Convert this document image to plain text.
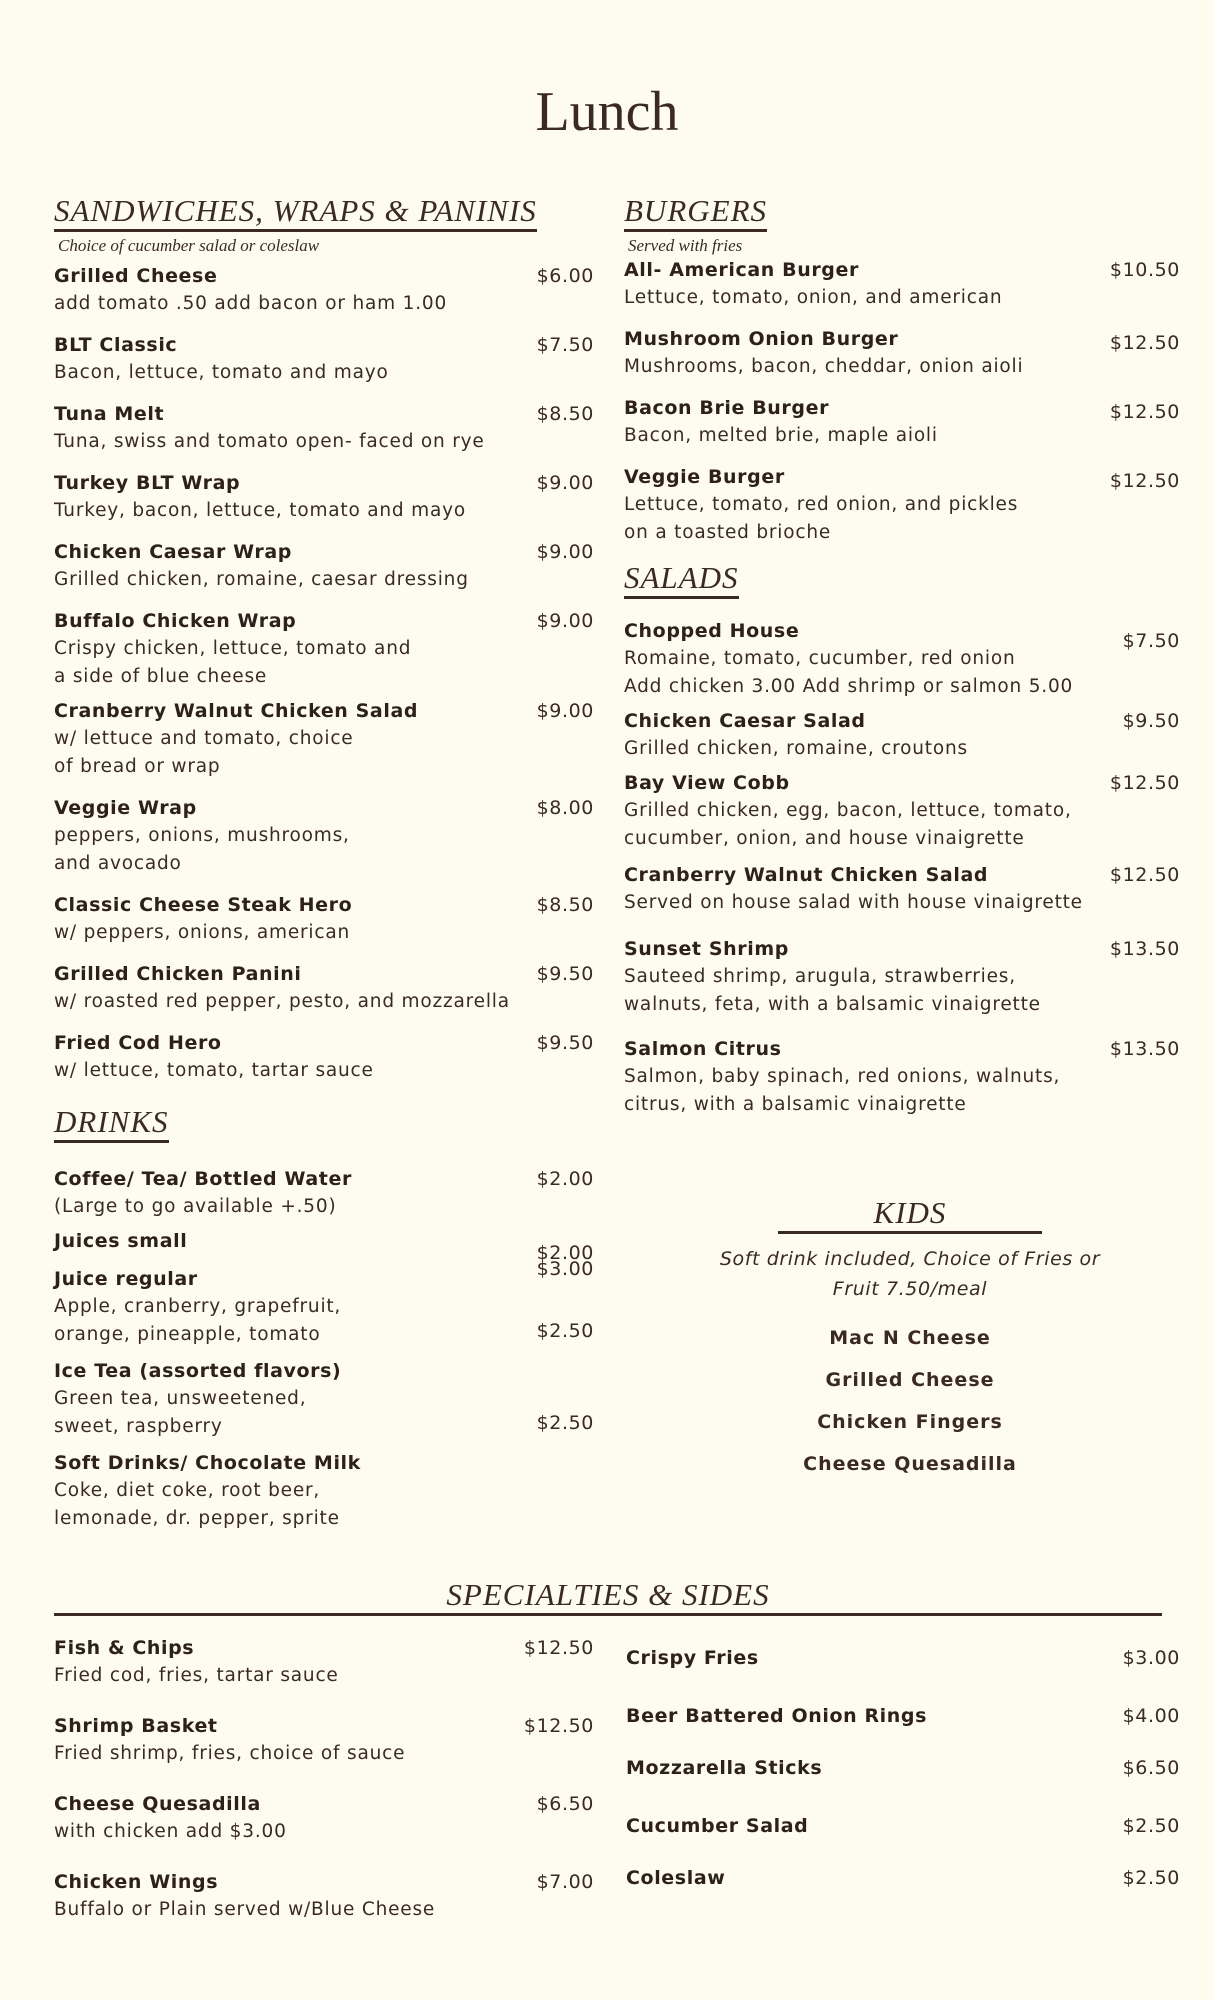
Lunch
SANDWICHES, WRAPS & PANINIS
Choice of cucumber salad or coleslaw
Grilled Cheese
add tomato .50 add bacon or ham 1.00
$6.00
BLT Classic
Bacon, lettuce, tomato and mayo
$7.50
Tuna Melt
Tuna, swiss and tomato open- faced on rye
$8.50
Turkey BLT Wrap
Turkey, bacon, lettuce, tomato and mayo
$9.00
Chicken Caesar Wrap
Grilled chicken, romaine, caesar dressing
$9.00
Buffalo Chicken Wrap
Crispy chicken, lettuce, tomato and
a side of blue cheese
$9.00
Cranberry Walnut Chicken Salad
w/ lettuce and tomato, choice
of bread or wrap
$9.00
Veggie Wrap
peppers, onions, mushrooms,
and avocado
$8.00
Classic Cheese Steak Hero
w/ peppers, onions, american
$8.50
Grilled Chicken Panini
w/ roasted red pepper, pesto, and mozzarella
$9.50
Fried Cod Hero
w/ lettuce, tomato, tartar sauce
$9.50
DRINKS
Coffee/ Tea/ Bottled Water
(Large to go available +.50)
$2.00
Juices small
$2.00
Juice regular
Apple, cranberry, grapefruit,
orange, pineapple, tomato
$3.00
Ice Tea (assorted flavors)
Green tea, unsweetened,
sweet, raspberry
$2.50
Soft Drinks/ Chocolate Milk
Coke, diet coke, root beer,
lemonade, dr. pepper, sprite
$2.50
BURGERS
Served with fries
All- American Burger
Lettuce, tomato, onion, and american
$10.50
Mushroom Onion Burger
Mushrooms, bacon, cheddar, onion aioli
$12.50
Bacon Brie Burger
Bacon, melted brie, maple aioli
$12.50
Veggie Burger
Lettuce, tomato, red onion, and pickles
on a toasted brioche
$12.50
SALADS
Chopped House
Romaine, tomato, cucumber, red onion
Add chicken 3.00 Add shrimp or salmon 5.00
$7.50
Chicken Caesar Salad
Grilled chicken, romaine, croutons
$9.50
Bay View Cobb
Grilled chicken, egg, bacon, lettuce, tomato,
cucumber, onion, and house vinaigrette
$12.50
Cranberry Walnut Chicken Salad
Served on house salad with house vinaigrette
$12.50
Sunset Shrimp
Sauteed shrimp, arugula, strawberries,
walnuts, feta, with a balsamic vinaigrette
$13.50
Salmon Citrus
Salmon, baby spinach, red onions, walnuts,
citrus, with a balsamic vinaigrette
$13.50
KIDS
Soft drink included, Choice of Fries or
Fruit 7.50/meal
Mac N Cheese
Grilled Cheese
Chicken Fingers
Cheese Quesadilla
SPECIALTIES & SIDES
Fish & Chips
Fried cod, fries, tartar sauce
$12.50
Shrimp Basket
Fried shrimp, fries, choice of sauce
$12.50
Cheese Quesadilla
with chicken add $3.00
$6.50
Chicken Wings
Buffalo or Plain served w/Blue Cheese
$7.00
Crispy Fries	$3.00
Beer Battered Onion Rings	$4.00
Mozzarella Sticks	$6.50
Cucumber Salad	$2.50
Coleslaw	$2.50
